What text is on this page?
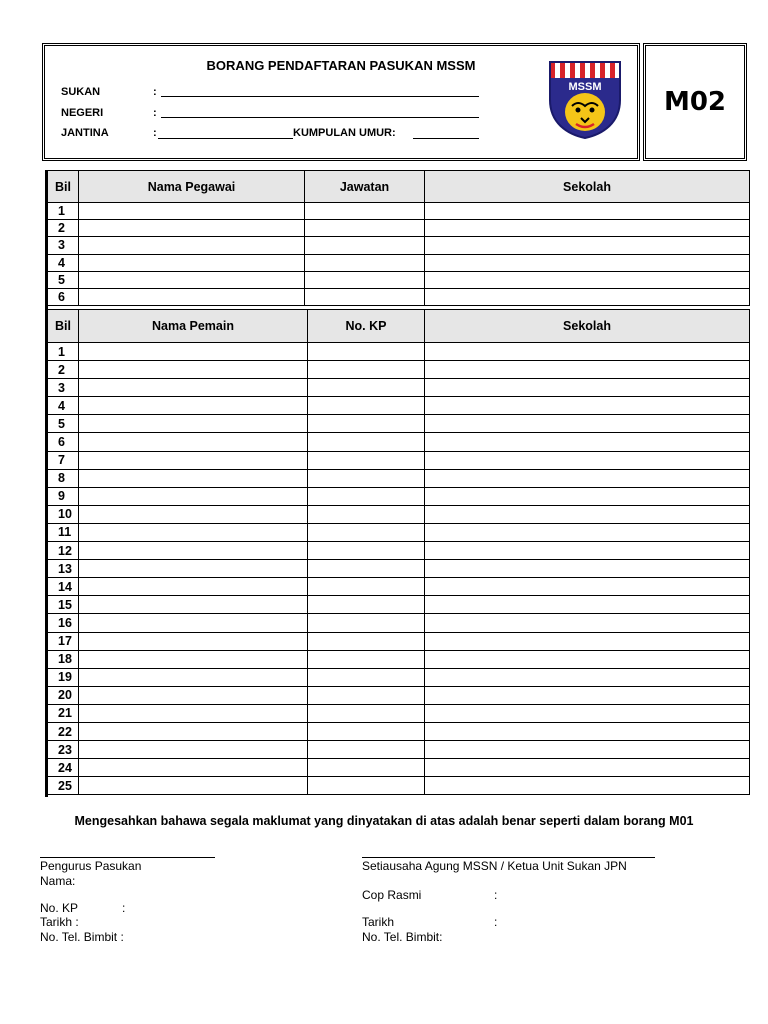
BORANG PENDAFTARAN PASUKAN MSSM
SUKAN	:
NEGERI	:
JANTINA	:	KUMPULAN UMUR:
MSSM M02
Bil	Nama Pegawai	Jawatan	Sekolah
1			
2			
3			
4			
5			
6			
Bil	Nama Pemain	No. KP	Sekolah
1			
2			
3			
4			
5			
6			
7			
8			
9			
10			
11			
12			
13			
14			
15			
16			
17			
18			
19			
20			
21			
22			
23			
24			
25			
Mengesahkan bahawa segala maklumat yang dinyatakan di atas adalah benar seperti dalam borang M01
Pengurus Pasukan
Nama:
No. KP	:
Tarikh :
No. Tel. Bimbit :
Setiausaha Agung MSSN / Ketua Unit Sukan JPN
Cop Rasmi	:
Tarikh	:
No. Tel. Bimbit:
